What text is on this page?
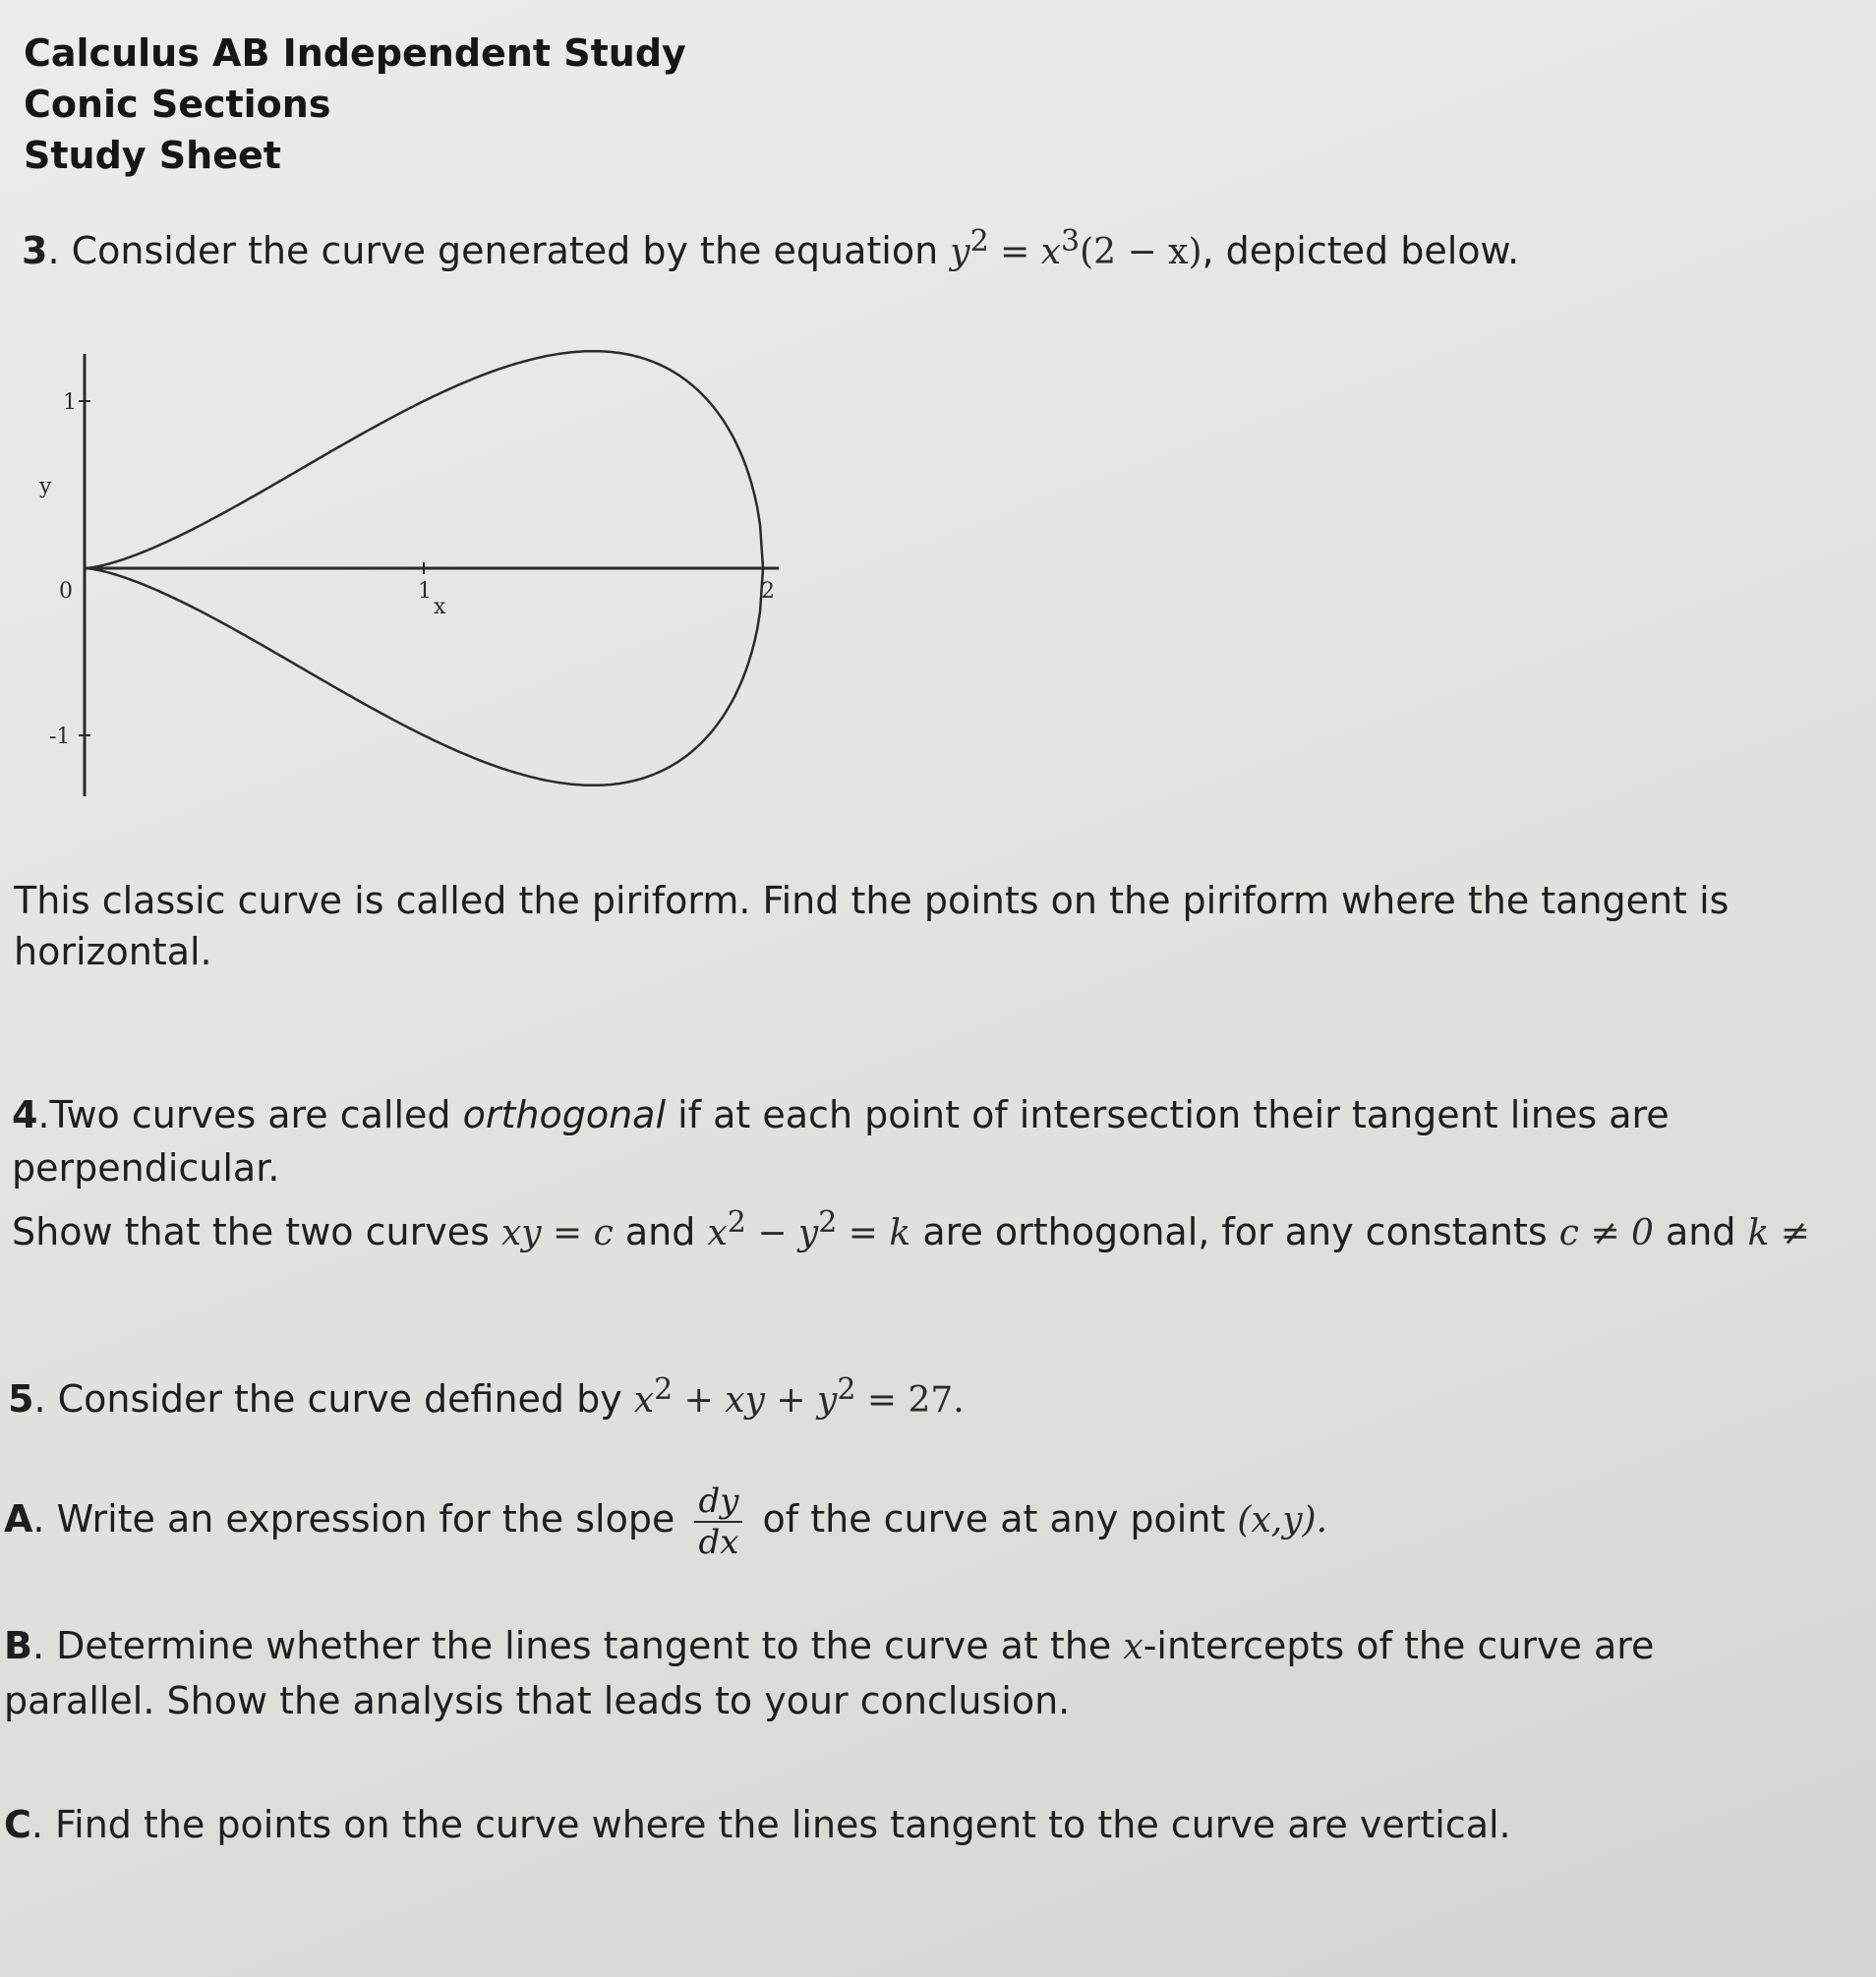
Calculus AB Independent Study
Conic Sections
Study Sheet
3. Consider the curve generated by the equation $y^2 = x^3(2 - x)$, depicted below.
1
0
-1
1	2
y
x
This classic curve is called the piriform. Find the points on the piriform where the tangent is
horizontal.
4.Two curves are called orthogonal if at each point of intersection their tangent lines are
perpendicular.
Show that the two curves xy = c and $x^2 - y^2 = k$ are orthogonal, for any constants c ≠ 0 and k ≠
5. Consider the curve defined by $x^2$ + xy + $y^2 = 27$.
A. Write an expression for the slope $\frac{dy}{dx}$ of the curve at any point (x,y).
B. Determine whether the lines tangent to the curve at the x-intercepts of the curve are
parallel. Show the analysis that leads to your conclusion.
C. Find the points on the curve where the lines tangent to the curve are vertical.
